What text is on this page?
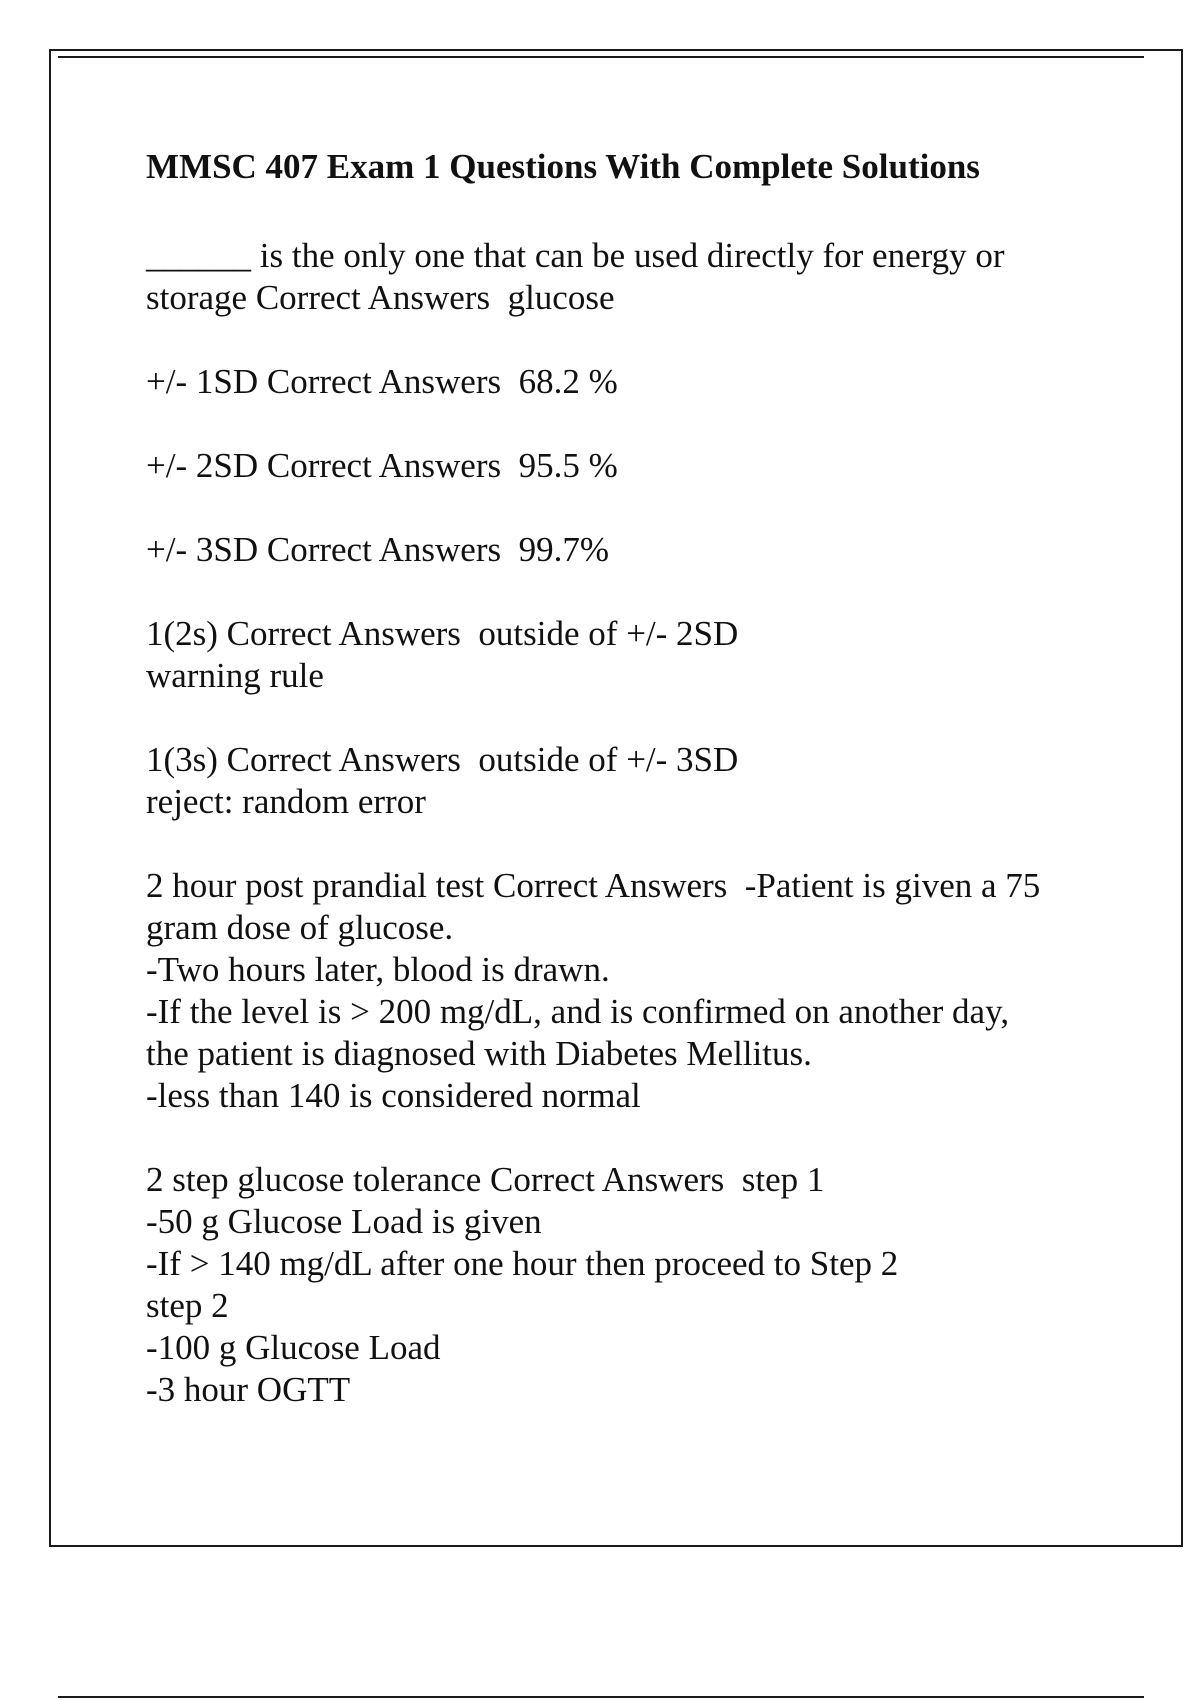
MMSC 407 Exam 1 Questions With Complete Solutions
______ is the only one that can be used directly for energy or
storage Correct Answers  glucose
+/- 1SD Correct Answers  68.2 %
+/- 2SD Correct Answers  95.5 %
+/- 3SD Correct Answers  99.7%
1(2s) Correct Answers  outside of +/- 2SD
warning rule
1(3s) Correct Answers  outside of +/- 3SD
reject: random error
2 hour post prandial test Correct Answers  -Patient is given a 75
gram dose of glucose.
-Two hours later, blood is drawn.
-If the level is > 200 mg/dL, and is confirmed on another day,
the patient is diagnosed with Diabetes Mellitus.
-less than 140 is considered normal
2 step glucose tolerance Correct Answers  step 1
-50 g Glucose Load is given
-If > 140 mg/dL after one hour then proceed to Step 2
step 2
-100 g Glucose Load
-3 hour OGTT
